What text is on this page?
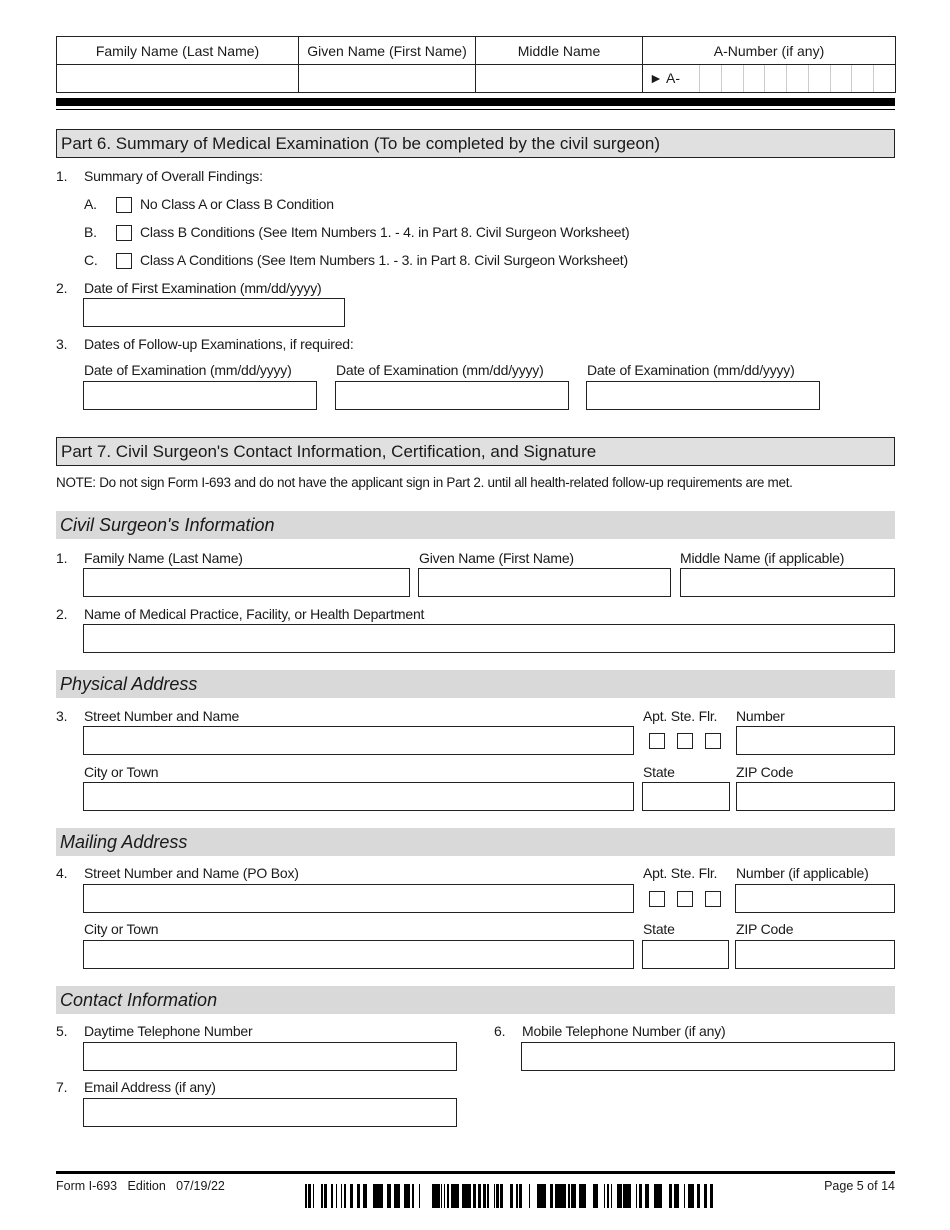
Family Name (Last Name)	Given Name (First Name)	Middle Name	A-Number (if any)

			► A-
Part 6. Summary of Medical Examination (To be completed by the civil surgeon)
1. Summary of Overall Findings:
A.	No Class A or Class B Condition
B.	Class B Conditions (See Item Numbers 1. - 4. in Part 8. Civil Surgeon Worksheet)
C.	Class A Conditions (See Item Numbers 1. - 3. in Part 8. Civil Surgeon Worksheet)
2. Date of First Examination (mm/dd/yyyy)
3. Dates of Follow-up Examinations, if required:
Date of Examination (mm/dd/yyyy)	Date of Examination (mm/dd/yyyy)	Date of Examination (mm/dd/yyyy)
Part 7. Civil Surgeon's Contact Information, Certification, and Signature
NOTE: Do not sign Form I-693 and do not have the applicant sign in Part 2. until all health-related follow-up requirements are met.
Civil Surgeon's Information
1. Family Name (Last Name)	Given Name (First Name)	Middle Name (if applicable)
2. Name of Medical Practice, Facility, or Health Department
Physical Address
3. Street Number and Name	Apt. Ste. Flr. Number
City or Town	State	ZIP Code
Mailing Address
4. Street Number and Name (PO Box)	Apt. Ste. Flr. Number (if applicable)
City or Town	State	ZIP Code
Contact Information
5. Daytime Telephone Number	6. Mobile Telephone Number (if any)
7. Email Address (if any)
Form I-693   Edition   07/19/22	Page 5 of 14
